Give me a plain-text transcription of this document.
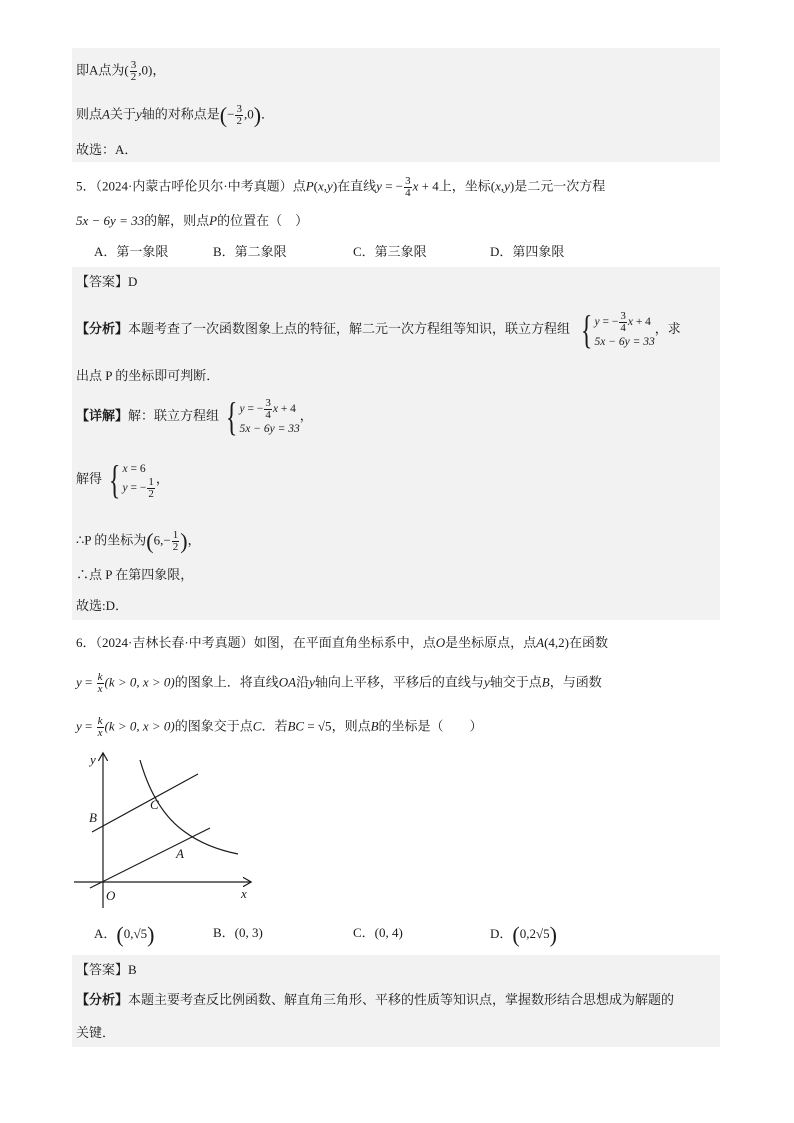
即A点为( $\frac{3}{2} ,0$)，
则点A关于y轴的对称点是(− $\frac{3}{2} ,0$)．
故选：A．
5．（2024·内蒙古呼伦贝尔·中考真题）点P(x,y)在直线y = − $\frac{3}{4}$ x + 4上，坐标(x,y)是二元一次方程
5x − 6y = 33的解，则点P的位置在（　）
A．第一象限	B．第二象限	C．第三象限	D．第四象限
【答案】D
【分析】本题考查了一次函数图象上点的特征，解二元一次方程组等知识，联立方程组 { y = − $\frac{3}{4}$ x + 4
5x − 6y = 33
，求
出点 P 的坐标即可判断．
【详解】解：联立方程组 { y = − $\frac{3}{4}$ x + 4
5x − 6y = 33
，
解得 { x = 6
y = − $\frac{1}{2}$ ，
∴P 的坐标为($6,- \frac{1}{2}$ )，
∴点 P 在第四象限，
故选:D．
6．（2024·吉林长春·中考真题）如图，在平面直角坐标系中，点O是坐标原点，点A(4,2)在函数
$y = \frac{k}{x} (k > 0$, x > 0)的图象上．将直线OA沿y轴向上平移，平移后的直线与y轴交于点B，与函数
$y = \frac{k}{x} (k > 0$, x > 0)的图象交于点C．若BC = √5，则点B的坐标是（　　）
y
x
O
A
B
C
A．(0,√5)	B．(0, 3)	C．(0, 4)	D．(0,2√5)
【答案】B
【分析】本题主要考查反比例函数、解直角三角形、平移的性质等知识点，掌握数形结合思想成为解题的
关键．
